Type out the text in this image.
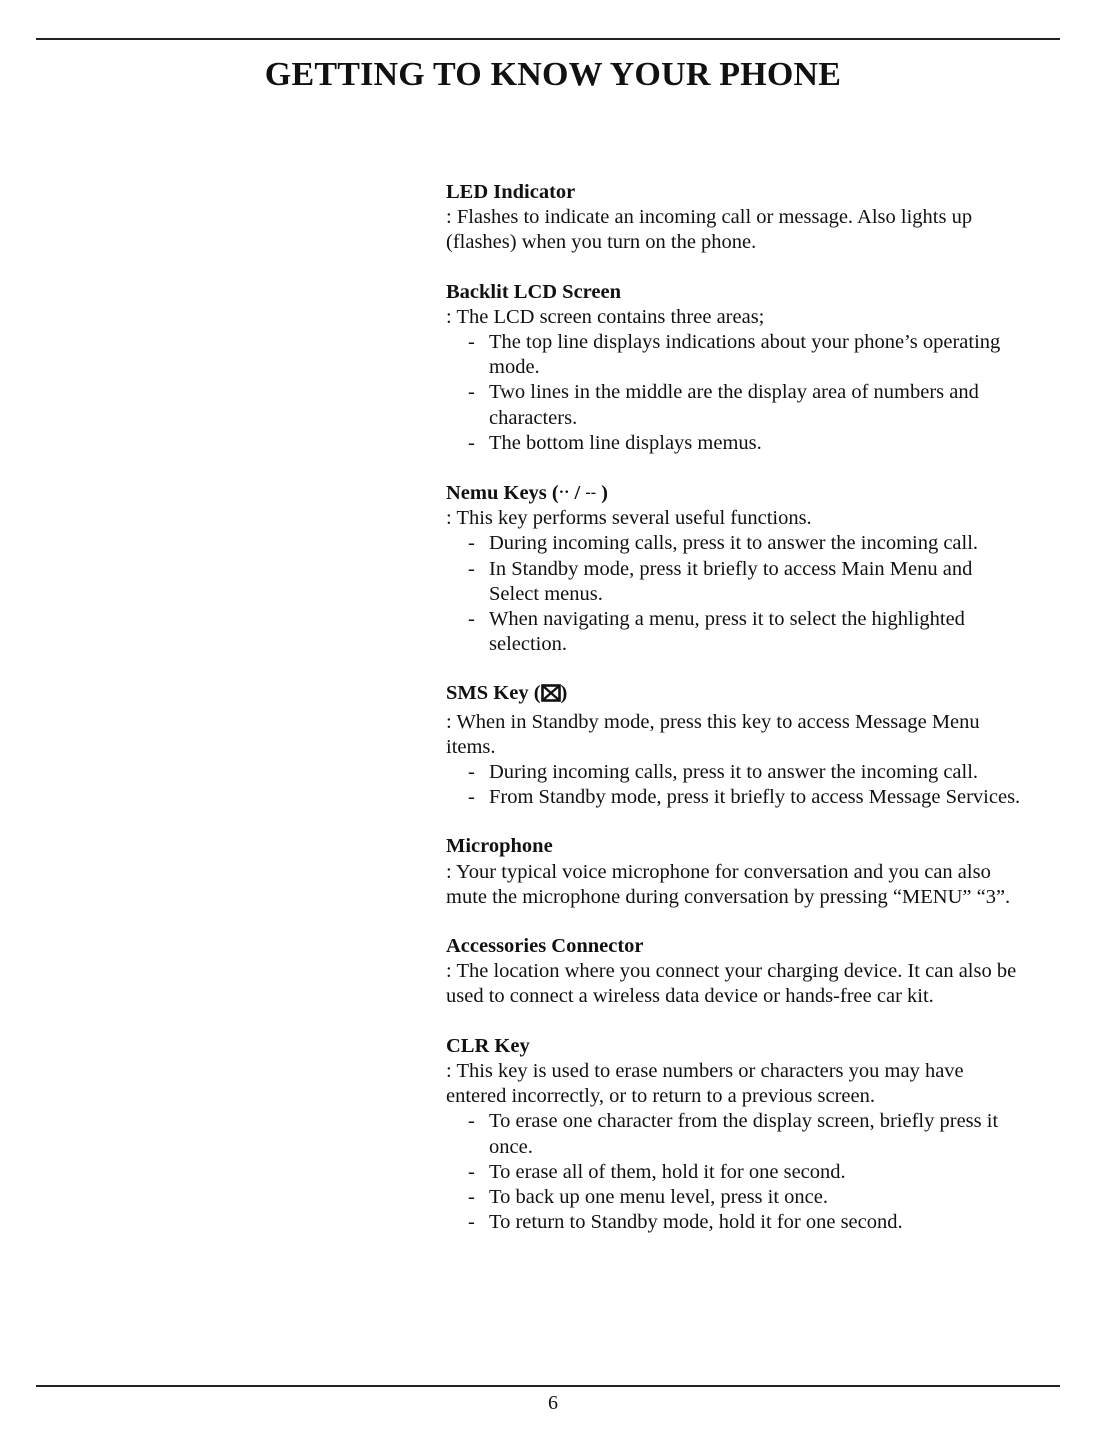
GETTING TO KNOW YOUR PHONE

LED Indicator

: Flashes to indicate an incoming call or message. Also lights up (flashes) when you turn on the phone.

Backlit LCD Screen

: The LCD screen contains three areas;

- The top line displays indications about your phone’s operating mode.
- Two lines in the middle are the display area of numbers and characters.
- The bottom line displays memus.

Nemu Keys (·· / -- )

: This key performs several useful functions.

- During incoming calls, press it to answer the incoming call.
- In Standby mode, press it briefly to access Main Menu and Select menus.
- When navigating a menu, press it to select the highlighted selection.

SMS Key ( )

: When in Standby mode, press this key to access Message Menu items.

- During incoming calls, press it to answer the incoming call.
- From Standby mode, press it briefly to access Message Services.

Microphone

: Your typical voice microphone for conversation and you can also mute the microphone during conversation by pressing “MENU” “3”.

Accessories Connector

: The location where you connect your charging device. It can also be used to connect a wireless data device or hands-free car kit.

CLR Key

: This key is used to erase numbers or characters you may have entered incorrectly, or to return to a previous screen.

- To erase one character from the display screen, briefly press it once.
- To erase all of them, hold it for one second.
- To back up one menu level, press it once.
- To return to Standby mode, hold it for one second.
6
